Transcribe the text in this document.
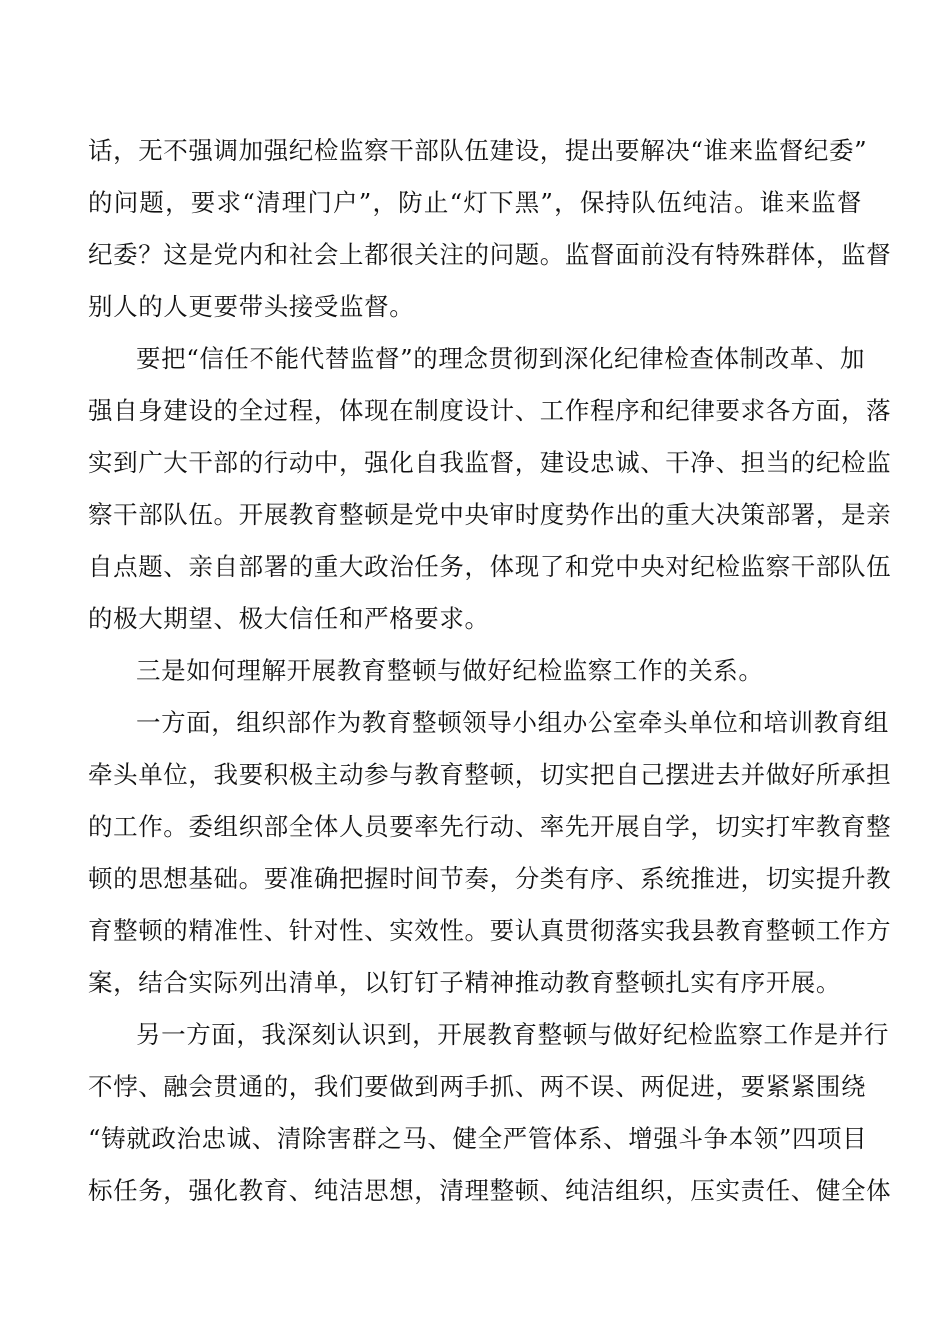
话，无不强调加强纪检监察干部队伍建设，提出要解决“谁来监督纪委”
的问题，要求“清理门户”，防止“灯下黑”，保持队伍纯洁。谁来监督
纪委？这是党内和社会上都很关注的问题。监督面前没有特殊群体，监督
别人的人更要带头接受监督。
要把“信任不能代替监督”的理念贯彻到深化纪律检查体制改革、加
强自身建设的全过程，体现在制度设计、工作程序和纪律要求各方面，落
实到广大干部的行动中，强化自我监督，建设忠诚、干净、担当的纪检监
察干部队伍。开展教育整顿是党中央审时度势作出的重大决策部署，是亲
自点题、亲自部署的重大政治任务，体现了和党中央对纪检监察干部队伍
的极大期望、极大信任和严格要求。
三是如何理解开展教育整顿与做好纪检监察工作的关系。
一方面，组织部作为教育整顿领导小组办公室牵头单位和培训教育组
牵头单位，我要积极主动参与教育整顿，切实把自己摆进去并做好所承担
的工作。委组织部全体人员要率先行动、率先开展自学，切实打牢教育整
顿的思想基础。要准确把握时间节奏，分类有序、系统推进，切实提升教
育整顿的精准性、针对性、实效性。要认真贯彻落实我县教育整顿工作方
案，结合实际列出清单，以钉钉子精神推动教育整顿扎实有序开展。
另一方面，我深刻认识到，开展教育整顿与做好纪检监察工作是并行
不悖、融会贯通的，我们要做到两手抓、两不误、两促进，要紧紧围绕
“铸就政治忠诚、清除害群之马、健全严管体系、增强斗争本领”四项目
标任务，强化教育、纯洁思想，清理整顿、纯洁组织，压实责任、健全体
